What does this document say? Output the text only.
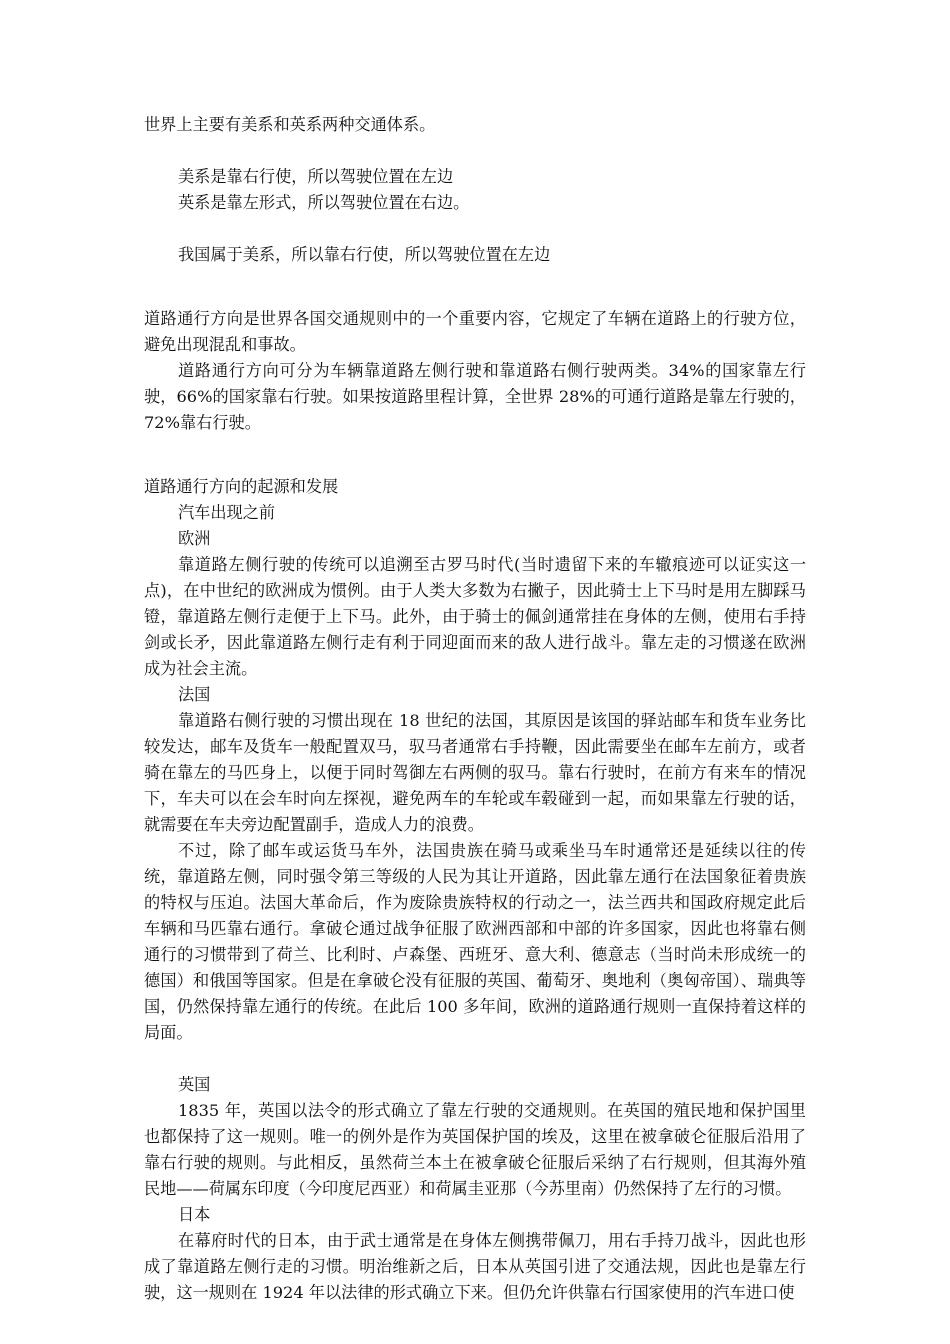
世界上主要有美系和英系两种交通体系。

美系是靠右行使，所以驾驶位置在左边

英系是靠左形式，所以驾驶位置在右边。

我国属于美系，所以靠右行使，所以驾驶位置在左边

道路通行方向是世界各国交通规则中的一个重要内容，它规定了车辆在道路上的行驶方位，避免出现混乱和事故。

道路通行方向可分为车辆靠道路左侧行驶和靠道路右侧行驶两类。34%的国家靠左行驶，66%的国家靠右行驶。如果按道路里程计算，全世界 28%的可通行道路是靠左行驶的，72%靠右行驶。

道路通行方向的起源和发展

汽车出现之前

欧洲

靠道路左侧行驶的传统可以追溯至古罗马时代(当时遗留下来的车辙痕迹可以证实这一点)，在中世纪的欧洲成为惯例。由于人类大多数为右撇子，因此骑士上下马时是用左脚踩马镫，靠道路左侧行走便于上下马。此外，由于骑士的佩剑通常挂在身体的左侧，使用右手持剑或长矛，因此靠道路左侧行走有利于同迎面而来的敌人进行战斗。靠左走的习惯遂在欧洲成为社会主流。

法国

靠道路右侧行驶的习惯出现在 18 世纪的法国，其原因是该国的驿站邮车和货车业务比较发达，邮车及货车一般配置双马，驭马者通常右手持鞭，因此需要坐在邮车左前方，或者骑在靠左的马匹身上，以便于同时驾御左右两侧的驭马。靠右行驶时，在前方有来车的情况下，车夫可以在会车时向左探视，避免两车的车轮或车毂碰到一起，而如果靠左行驶的话，就需要在车夫旁边配置副手，造成人力的浪费。

不过，除了邮车或运货马车外，法国贵族在骑马或乘坐马车时通常还是延续以往的传统，靠道路左侧，同时强令第三等级的人民为其让开道路，因此靠左通行在法国象征着贵族的特权与压迫。法国大革命后，作为废除贵族特权的行动之一，法兰西共和国政府规定此后车辆和马匹靠右通行。拿破仑通过战争征服了欧洲西部和中部的许多国家，因此也将靠右侧通行的习惯带到了荷兰、比利时、卢森堡、西班牙、意大利、德意志（当时尚未形成统一的德国）和俄国等国家。但是在拿破仑没有征服的英国、葡萄牙、奥地利（奥匈帝国）、瑞典等国，仍然保持靠左通行的传统。在此后 100 多年间，欧洲的道路通行规则一直保持着这样的局面。

英国

1835 年，英国以法令的形式确立了靠左行驶的交通规则。在英国的殖民地和保护国里也都保持了这一规则。唯一的例外是作为英国保护国的埃及，这里在被拿破仑征服后沿用了靠右行驶的规则。与此相反，虽然荷兰本土在被拿破仑征服后采纳了右行规则，但其海外殖民地——荷属东印度（今印度尼西亚）和荷属圭亚那（今苏里南）仍然保持了左行的习惯。

日本

在幕府时代的日本，由于武士通常是在身体左侧携带佩刀，用右手持刀战斗，因此也形成了靠道路左侧行走的习惯。明治维新之后，日本从英国引进了交通法规，因此也是靠左行驶，这一规则在 1924 年以法律的形式确立下来。但仍允许供靠右行国家使用的汽车进口使
